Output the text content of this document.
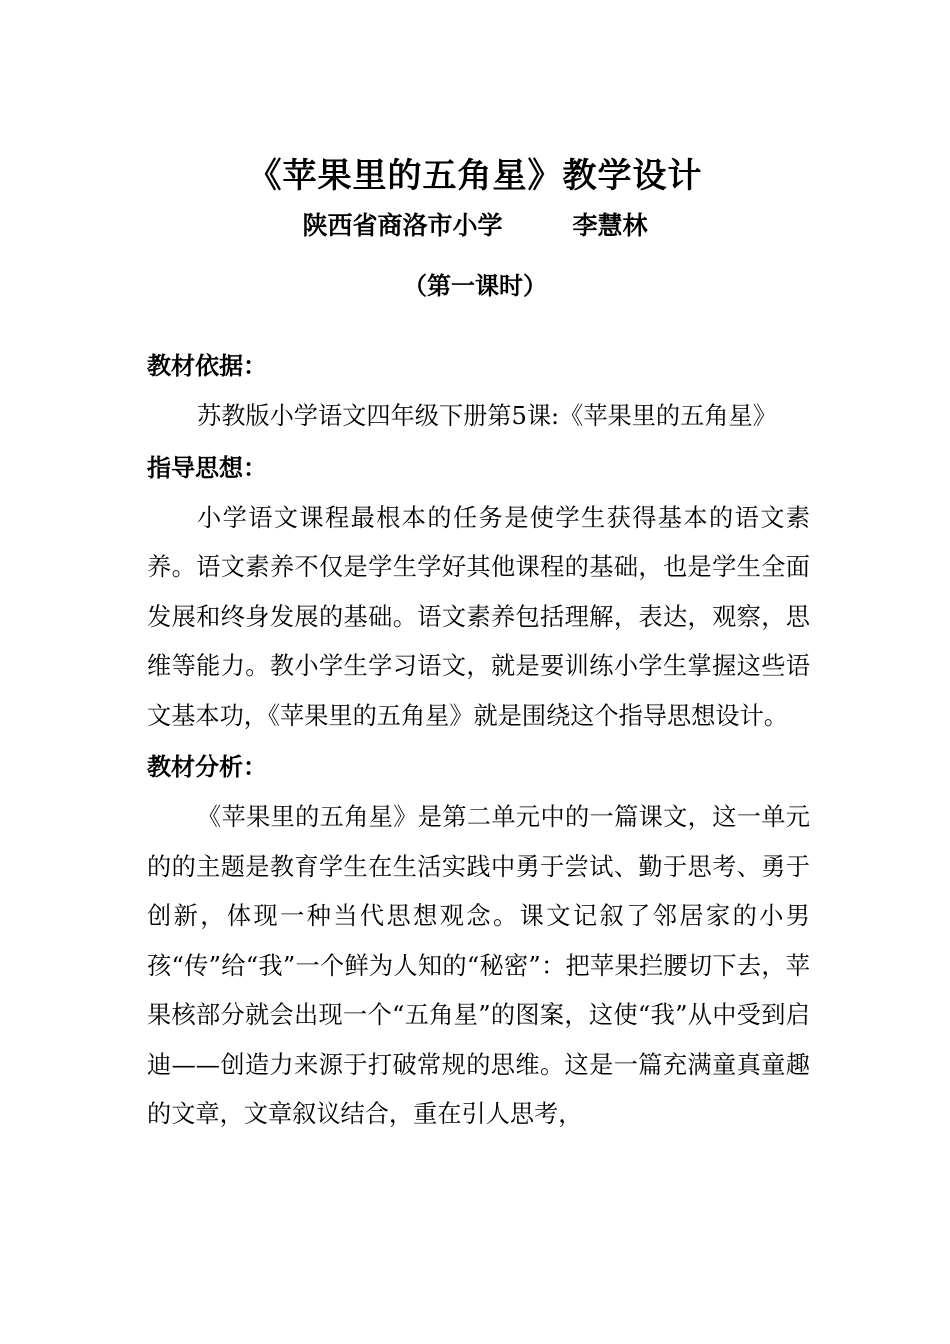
《苹果里的五角星》教学设计
陕西省商洛市小学	李慧林
（第一课时）
教材依据：

苏教版小学语文四年级下册第5课:《苹果里的五角星》

指导思想：

小学语文课程最根本的任务是使学生获得基本的语文素养。语文素养不仅是学生学好其他课程的基础，也是学生全面发展和终身发展的基础。语文素养包括理解，表达，观察，思维等能力。教小学生学习语文，就是要训练小学生掌握这些语文基本功，《苹果里的五角星》就是围绕这个指导思想设计。

教材分析：

《苹果里的五角星》是第二单元中的一篇课文，这一单元的的主题是教育学生在生活实践中勇于尝试、勤于思考、勇于创新，体现一种当代思想观念。课文记叙了邻居家的小男孩“传”给“我”一个鲜为人知的“秘密”：把苹果拦腰切下去，苹果核部分就会出现一个“五角星”的图案，这使“我”从中受到启迪——创造力来源于打破常规的思维。这是一篇充满童真童趣的文章，文章叙议结合，重在引人思考，
